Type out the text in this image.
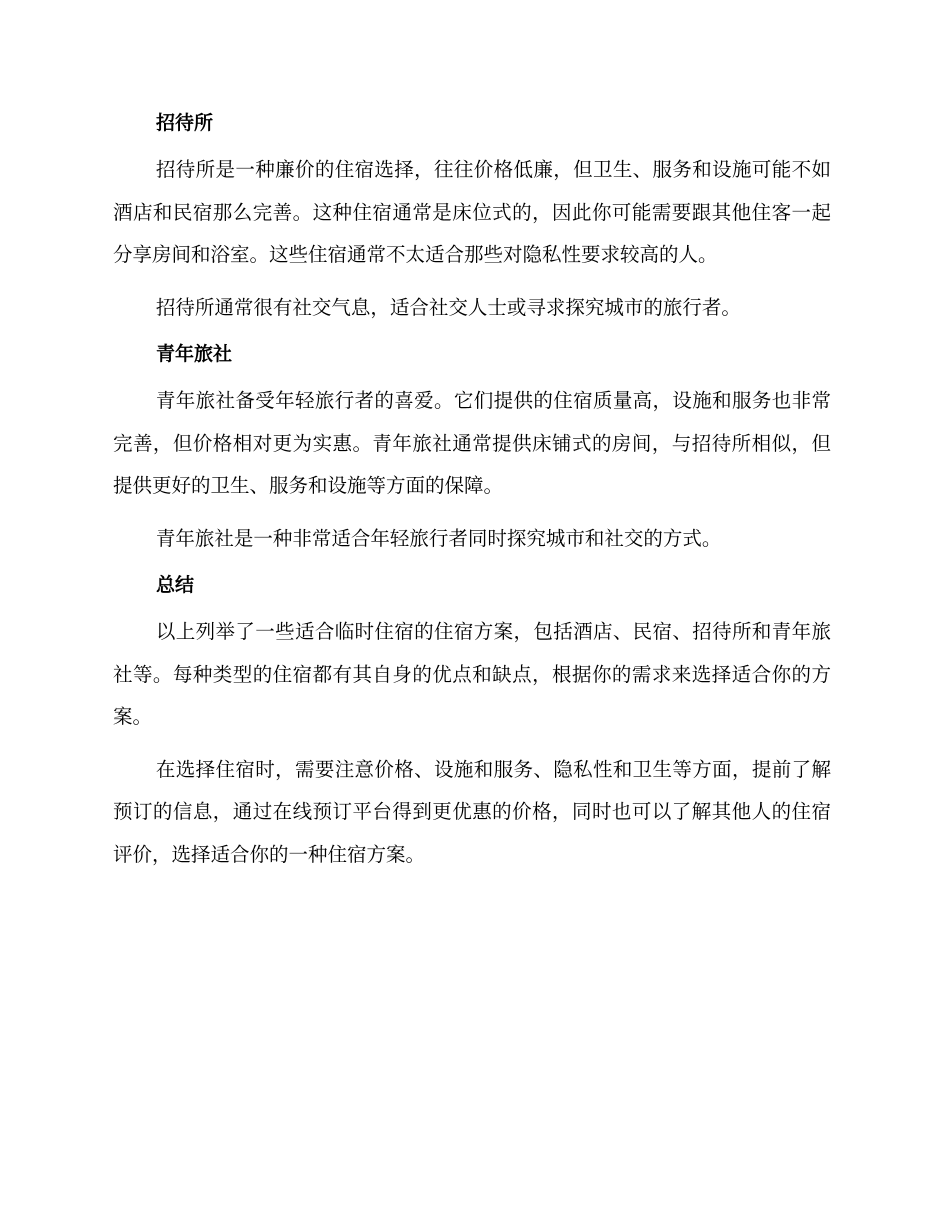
招待所

招待所是一种廉价的住宿选择，往往价格低廉，但卫生、服务和设施可能不如酒店和民宿那么完善。这种住宿通常是床位式的，因此你可能需要跟其他住客一起分享房间和浴室。这些住宿通常不太适合那些对隐私性要求较高的人。

招待所通常很有社交气息，适合社交人士或寻求探究城市的旅行者。

青年旅社

青年旅社备受年轻旅行者的喜爱。它们提供的住宿质量高，设施和服务也非常完善，但价格相对更为实惠。青年旅社通常提供床铺式的房间，与招待所相似，但提供更好的卫生、服务和设施等方面的保障。

青年旅社是一种非常适合年轻旅行者同时探究城市和社交的方式。

总结

以上列举了一些适合临时住宿的住宿方案，包括酒店、民宿、招待所和青年旅社等。每种类型的住宿都有其自身的优点和缺点，根据你的需求来选择适合你的方案。

在选择住宿时，需要注意价格、设施和服务、隐私性和卫生等方面，提前了解预订的信息，通过在线预订平台得到更优惠的价格，同时也可以了解其他人的住宿评价，选择适合你的一种住宿方案。
